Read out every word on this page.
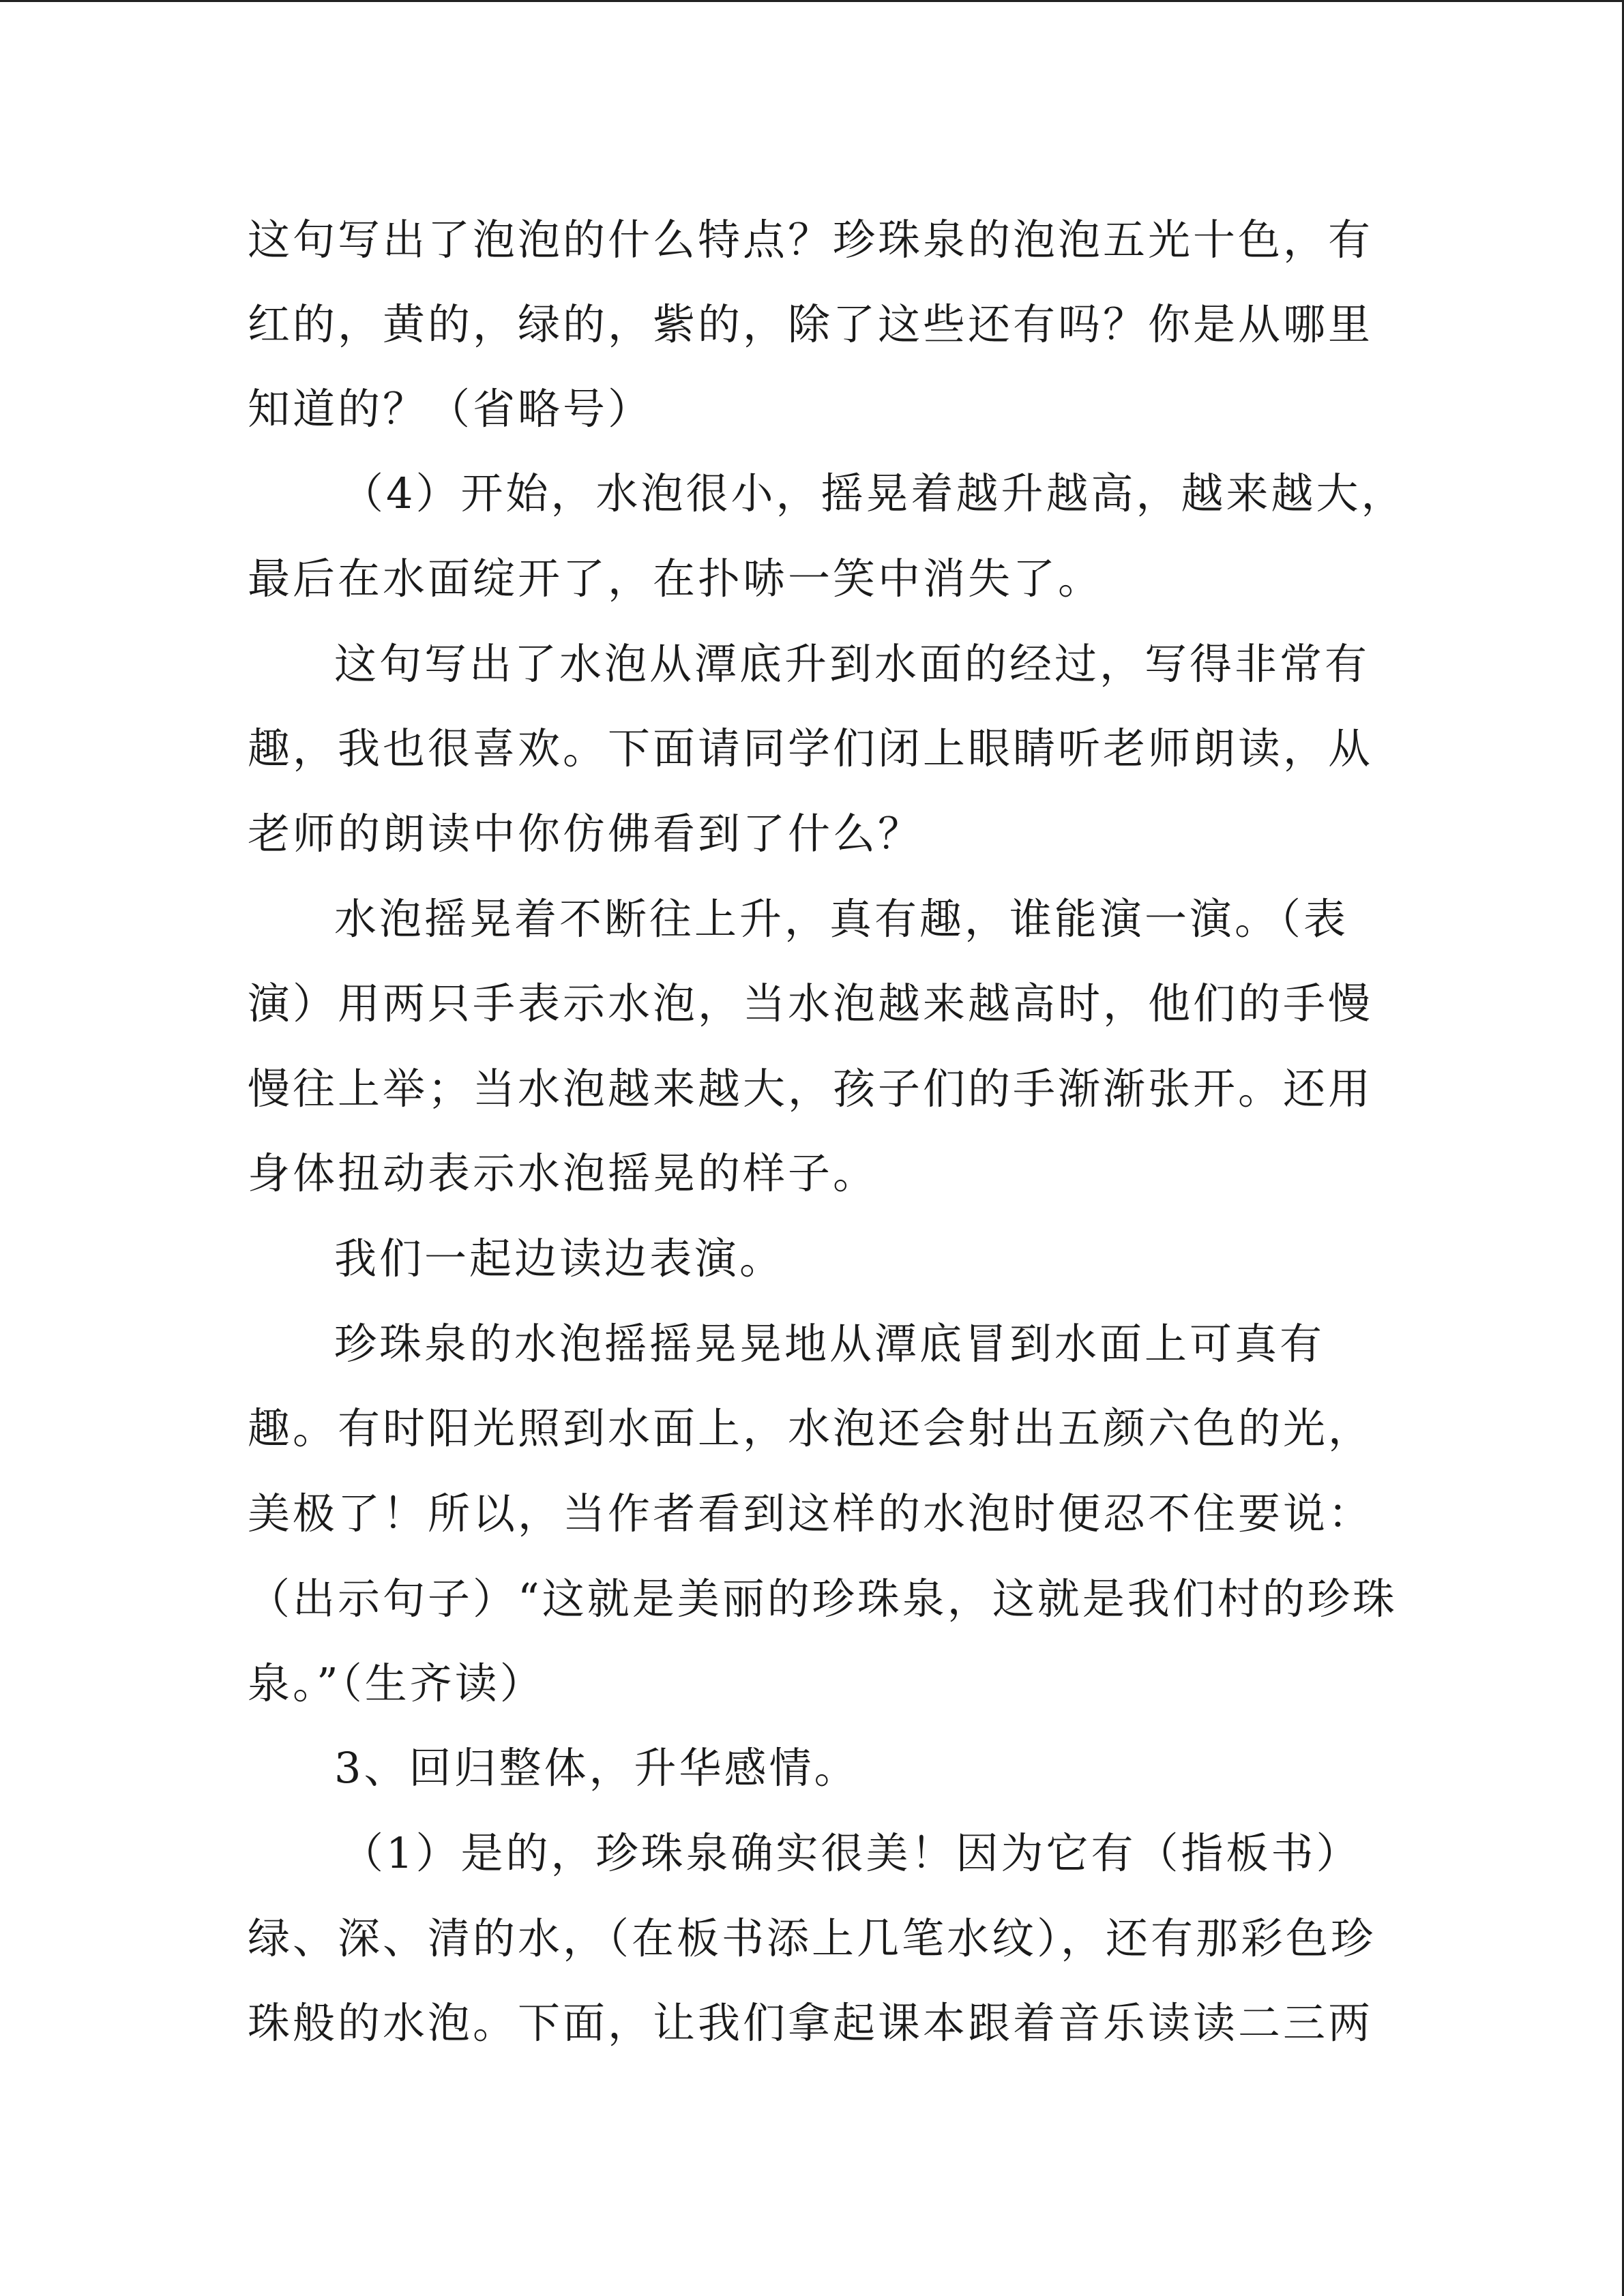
这句写出了泡泡的什么特点？珍珠泉的泡泡五光十色，有
红的，黄的，绿的，紫的，除了这些还有吗？你是从哪里
知道的？（省略号）
（4）开始，水泡很小，摇晃着越升越高，越来越大，
最后在水面绽开了，在扑哧一笑中消失了。
这句写出了水泡从潭底升到水面的经过，写得非常有
趣，我也很喜欢。下面请同学们闭上眼睛听老师朗读，从
老师的朗读中你仿佛看到了什么？
水泡摇晃着不断往上升，真有趣，谁能演一演。（表
演）用两只手表示水泡，当水泡越来越高时，他们的手慢
慢往上举；当水泡越来越大，孩子们的手渐渐张开。还用
身体扭动表示水泡摇晃的样子。
我们一起边读边表演。
珍珠泉的水泡摇摇晃晃地从潭底冒到水面上可真有
趣。有时阳光照到水面上，水泡还会射出五颜六色的光，
美极了！所以，当作者看到这样的水泡时便忍不住要说：
（出示句子）“这就是美丽的珍珠泉，这就是我们村的珍珠
泉。”（生齐读）
3、回归整体，升华感情。
（1）是的，珍珠泉确实很美！因为它有（指板书）
绿、深、清的水，（在板书添上几笔水纹），还有那彩色珍
珠般的水泡。下面，让我们拿起课本跟着音乐读读二三两
